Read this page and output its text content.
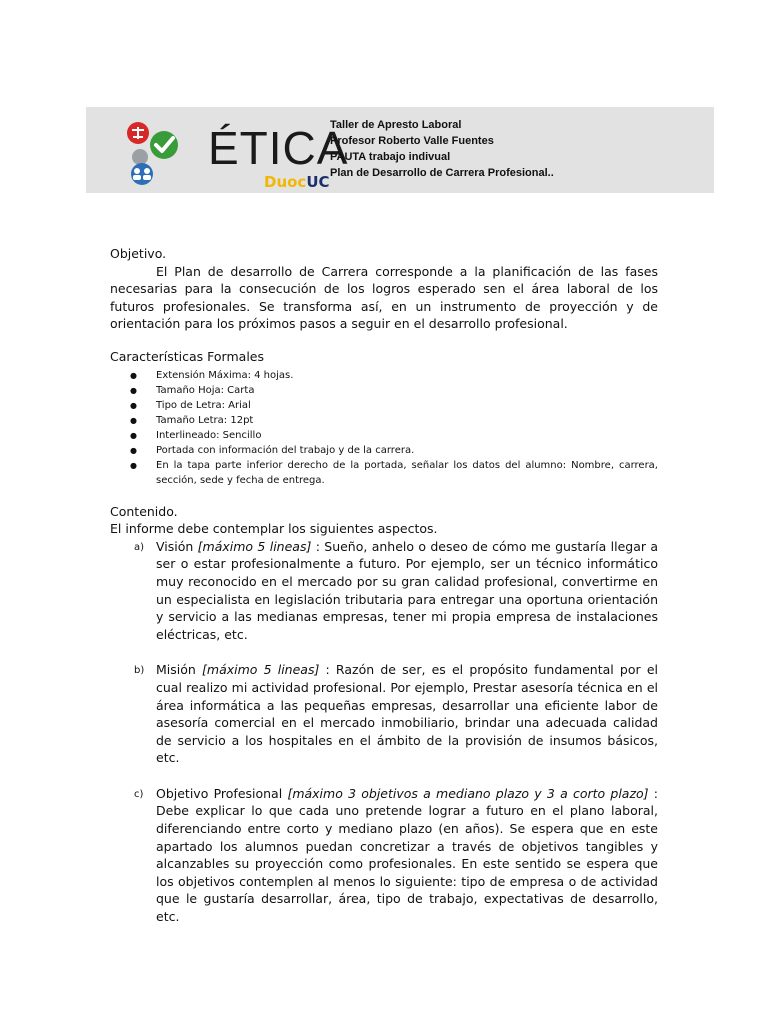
ÉTICA
DuocUC
Taller de Apresto Laboral
Profesor Roberto Valle Fuentes
PAUTA trabajo indivual
Plan de Desarrollo de Carrera Profesional..

Objetivo.

El Plan de desarrollo de Carrera corresponde a la planificación de las fases necesarias para la consecución de los logros esperado sen el área laboral de los futuros profesionales. Se transforma así, en un instrumento de proyección y de orientación para los próximos pasos a seguir en el desarrollo profesional.

Características Formales

● Extensión Máxima: 4 hojas.
● Tamaño Hoja: Carta
● Tipo de Letra: Arial
● Tamaño Letra: 12pt
● Interlineado: Sencillo
● Portada con información del trabajo y de la carrera.
● En la tapa parte inferior derecho de la portada, señalar los datos del alumno: Nombre, carrera, sección, sede y fecha de entrega.

Contenido.

El informe debe contemplar los siguientes aspectos.

a) Visión [máximo 5 lineas] : Sueño, anhelo o deseo de cómo me gustaría llegar a ser o estar profesionalmente a futuro. Por ejemplo, ser un técnico informático muy reconocido en el mercado por su gran calidad profesional, convertirme en un especialista en legislación tributaria para entregar una oportuna orientación y servicio a las medianas empresas, tener mi propia empresa de instalaciones eléctricas, etc.
b) Misión [máximo 5 lineas] : Razón de ser, es el propósito fundamental por el cual realizo mi actividad profesional. Por ejemplo, Prestar asesoría técnica en el área informática a las pequeñas empresas, desarrollar una eficiente labor de asesoría comercial en el mercado inmobiliario, brindar una adecuada calidad de servicio a los hospitales en el ámbito de la provisión de insumos básicos, etc.
c) Objetivo Profesional [máximo 3 objetivos a mediano plazo y 3 a corto plazo] : Debe explicar lo que cada uno pretende lograr a futuro en el plano laboral, diferenciando entre corto y mediano plazo (en años). Se espera que en este apartado los alumnos puedan concretizar a través de objetivos tangibles y alcanzables su proyección como profesionales. En este sentido se espera que los objetivos contemplen al menos lo siguiente: tipo de empresa o de actividad que le gustaría desarrollar, área, tipo de trabajo, expectativas de desarrollo, etc.
